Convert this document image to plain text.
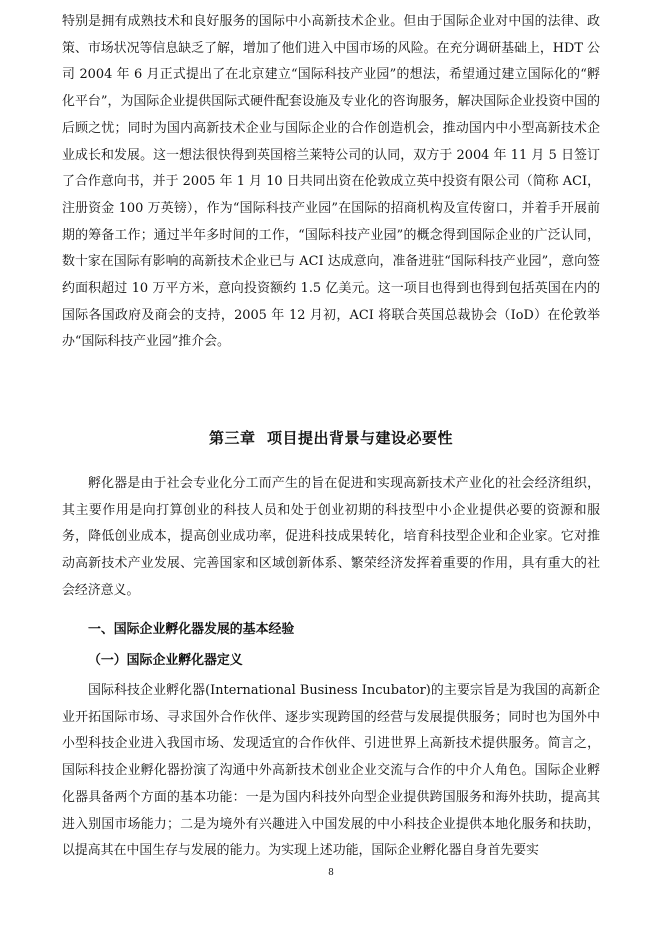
特别是拥有成熟技术和良好服务的国际中小高新技术企业。但由于国际企业对中国的法律、政策、市场状况等信息缺乏了解，增加了他们进入中国市场的风险。在充分调研基础上，HDT 公司 2004 年 6 月正式提出了在北京建立“国际科技产业园”的想法，希望通过建立国际化的“孵化平台”，为国际企业提供国际式硬件配套设施及专业化的咨询服务，解决国际企业投资中国的后顾之忧；同时为国内高新技术企业与国际企业的合作创造机会，推动国内中小型高新技术企业成长和发展。这一想法很快得到英国榕兰莱特公司的认同，双方于 2004 年 11 月 5 日签订了合作意向书，并于 2005 年 1 月 10 日共同出资在伦敦成立英中投资有限公司（简称 ACI，注册资金 100 万英镑），作为“国际科技产业园”在国际的招商机构及宣传窗口，并着手开展前期的筹备工作；通过半年多时间的工作，“国际科技产业园”的概念得到国际企业的广泛认同，数十家在国际有影响的高新技术企业已与 ACI 达成意向，准备进驻“国际科技产业园”，意向签约面积超过 10 万平方米，意向投资额约 1.5 亿美元。这一项目也得到也得到包括英国在内的国际各国政府及商会的支持，2005 年 12 月初，ACI 将联合英国总裁协会（IoD）在伦敦举办“国际科技产业园”推介会。

第三章  项目提出背景与建设必要性

孵化器是由于社会专业化分工而产生的旨在促进和实现高新技术产业化的社会经济组织，其主要作用是向打算创业的科技人员和处于创业初期的科技型中小企业提供必要的资源和服务，降低创业成本，提高创业成功率，促进科技成果转化，培育科技型企业和企业家。它对推动高新技术产业发展、完善国家和区域创新体系、繁荣经济发挥着重要的作用，具有重大的社会经济意义。

一、国际企业孵化器发展的基本经验
（一）国际企业孵化器定义

国际科技企业孵化器(International Business Incubator)的主要宗旨是为我国的高新企业开拓国际市场、寻求国外合作伙伴、逐步实现跨国的经营与发展提供服务；同时也为国外中小型科技企业进入我国市场、发现适宜的合作伙伴、引进世界上高新技术提供服务。简言之，国际科技企业孵化器扮演了沟通中外高新技术创业企业交流与合作的中介人角色。国际企业孵化器具备两个方面的基本功能：一是为国内科技外向型企业提供跨国服务和海外扶助，提高其进入别国市场能力；二是为境外有兴趣进入中国发展的中小科技企业提供本地化服务和扶助，以提高其在中国生存与发展的能力。为实现上述功能，国际企业孵化器自身首先要实

8
